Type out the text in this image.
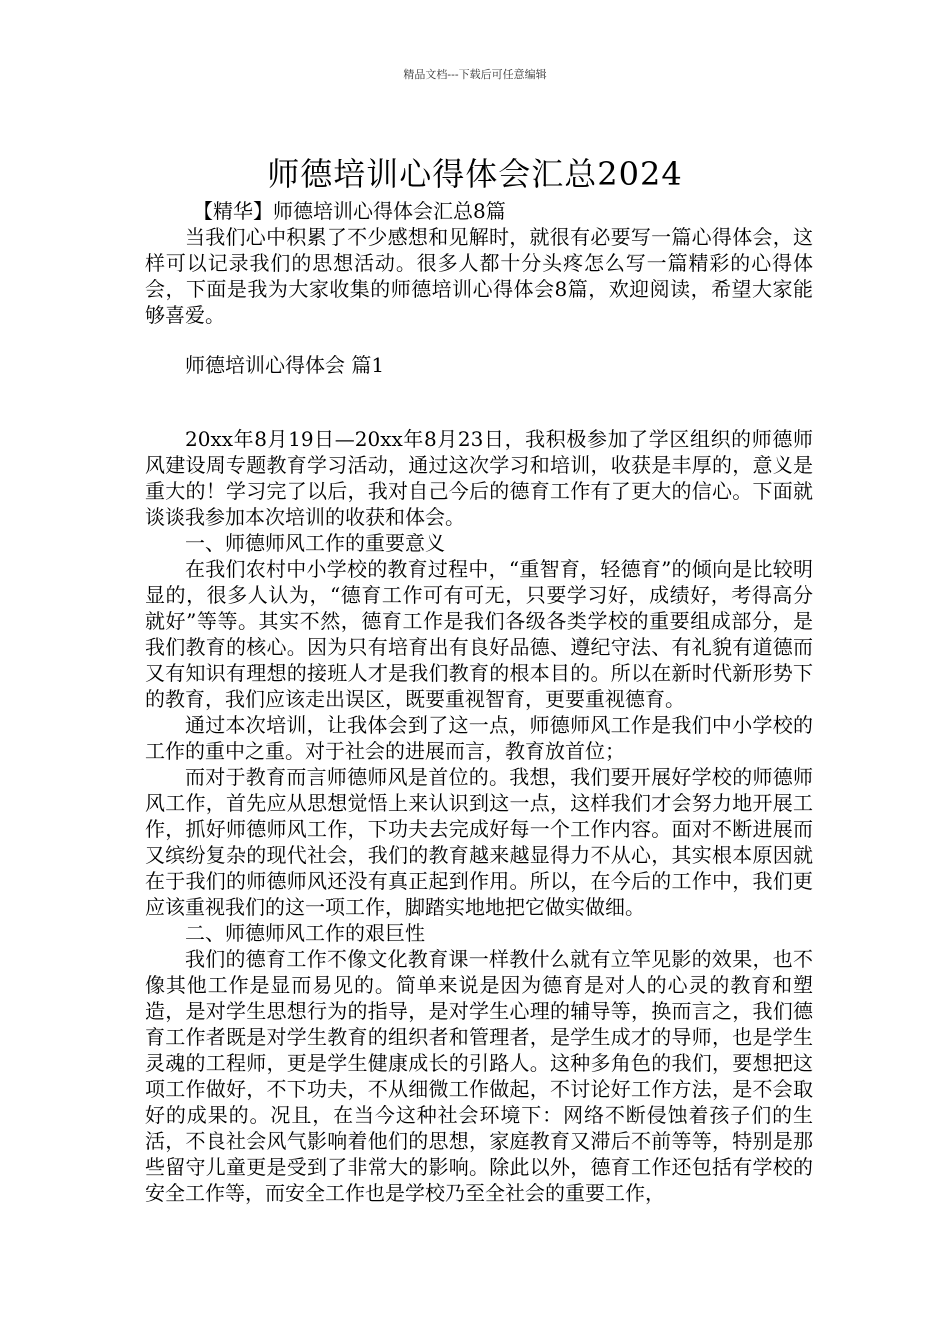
精品文档---下载后可任意编辑
师德培训心得体会汇总2024

【精华】师德培训心得体会汇总8篇

当我们心中积累了不少感想和见解时，就很有必要写一篇心得体会，这样可以记录我们的思想活动。很多人都十分头疼怎么写一篇精彩的心得体会，下面是我为大家收集的师德培训心得体会8篇，欢迎阅读，希望大家能够喜爱。

师德培训心得体会 篇1

20xx年8月19日—20xx年8月23日，我积极参加了学区组织的师德师风建设周专题教育学习活动，通过这次学习和培训，收获是丰厚的，意义是重大的！学习完了以后，我对自己今后的德育工作有了更大的信心。下面就谈谈我参加本次培训的收获和体会。

一、师德师风工作的重要意义

在我们农村中小学校的教育过程中，“重智育，轻德育”的倾向是比较明显的，很多人认为，“德育工作可有可无，只要学习好，成绩好，考得高分就好”等等。其实不然，德育工作是我们各级各类学校的重要组成部分，是我们教育的核心。因为只有培育出有良好品德、遵纪守法、有礼貌有道德而又有知识有理想的接班人才是我们教育的根本目的。所以在新时代新形势下的教育，我们应该走出误区，既要重视智育，更要重视德育。

通过本次培训，让我体会到了这一点，师德师风工作是我们中小学校的工作的重中之重。对于社会的进展而言，教育放首位；

而对于教育而言师德师风是首位的。我想，我们要开展好学校的师德师风工作，首先应从思想觉悟上来认识到这一点，这样我们才会努力地开展工作，抓好师德师风工作，下功夫去完成好每一个工作内容。面对不断进展而又缤纷复杂的现代社会，我们的教育越来越显得力不从心，其实根本原因就在于我们的师德师风还没有真正起到作用。所以，在今后的工作中，我们更应该重视我们的这一项工作，脚踏实地地把它做实做细。

二、师德师风工作的艰巨性

我们的德育工作不像文化教育课一样教什么就有立竿见影的效果，也不像其他工作是显而易见的。简单来说是因为德育是对人的心灵的教育和塑造，是对学生思想行为的指导，是对学生心理的辅导等，换而言之，我们德育工作者既是对学生教育的组织者和管理者，是学生成才的导师，也是学生灵魂的工程师，更是学生健康成长的引路人。这种多角色的我们，要想把这项工作做好，不下功夫，不从细微工作做起，不讨论好工作方法，是不会取好的成果的。况且，在当今这种社会环境下：网络不断侵蚀着孩子们的生活，不良社会风气影响着他们的思想，家庭教育又滞后不前等等，特别是那些留守儿童更是受到了非常大的影响。除此以外，德育工作还包括有学校的安全工作等，而安全工作也是学校乃至全社会的重要工作，
